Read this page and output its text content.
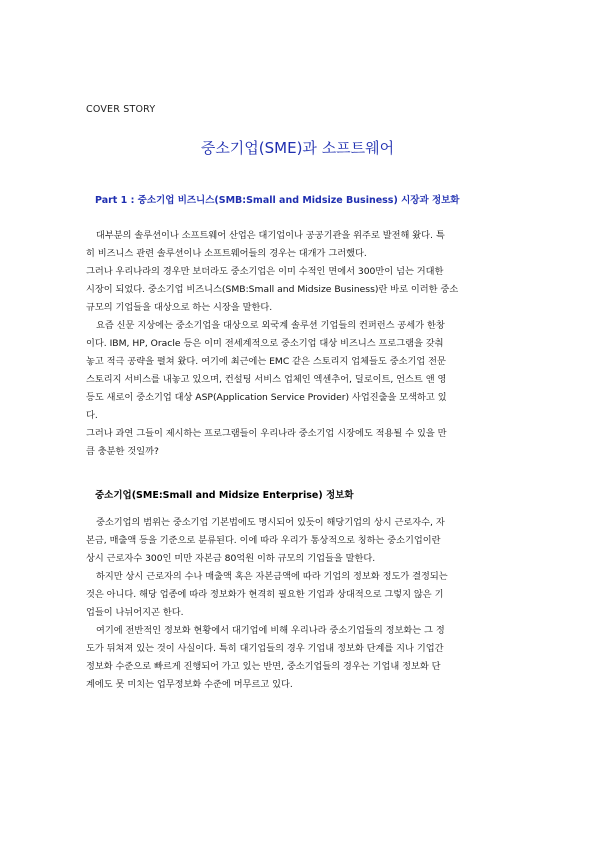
COVER STORY
중소기업(SME)과 소프트웨어
Part 1 : 중소기업 비즈니스(SMB:Small and Midsize Business) 시장과 정보화

대부분의 솔루션이나 소프트웨어 산업은 대기업이나 공공기관을 위주로 발전해 왔다. 특
히 비즈니스 관련 솔루션이나 소프트웨어들의 경우는 대개가 그러했다.
그러나 우리나라의 경우만 보더라도 중소기업은 이미 수적인 면에서 300만이 넘는 거대한
시장이 되었다. 중소기업 비즈니스(SMB:Small and Midsize Business)란 바로 이러한 중소
규모의 기업들을 대상으로 하는 시장을 말한다.
요즘 신문 지상에는 중소기업을 대상으로 외국계 솔루션 기업들의 컨퍼런스 공세가 한창
이다. IBM, HP, Oracle 등은 이미 전세계적으로 중소기업 대상 비즈니스 프로그램을 갖춰
놓고 적극 공략을 펼쳐 왔다. 여기에 최근에는 EMC 같은 스토리지 업체들도 중소기업 전문
스토리지 서비스를 내놓고 있으며, 컨설팅 서비스 업체인 엑센추어, 딜로이트, 언스트 앤 영
등도 새로이 중소기업 대상 ASP(Application Service Provider) 사업진출을 모색하고 있
다.
그러나 과연 그들이 제시하는 프로그램들이 우리나라 중소기업 시장에도 적용될 수 있을 만
큼 충분한 것일까?

중소기업(SME:Small and Midsize Enterprise) 정보화

중소기업의 범위는 중소기업 기본법에도 명시되어 있듯이 해당기업의 상시 근로자수, 자
본금, 매출액 등을 기준으로 분류된다. 이에 따라 우리가 통상적으로 칭하는 중소기업이란
상시 근로자수 300인 미만 자본금 80억원 이하 규모의 기업들을 말한다.
하지만 상시 근로자의 수나 매출액 혹은 자본금액에 따라 기업의 정보화 정도가 결정되는
것은 아니다. 해당 업종에 따라 정보화가 현격히 필요한 기업과 상대적으로 그렇지 않은 기
업들이 나뉘어지곤 한다.
여기에 전반적인 정보화 현황에서 대기업에 비해 우리나라 중소기업들의 정보화는 그 정
도가 뒤쳐져 있는 것이 사실이다. 특히 대기업들의 경우 기업내 정보화 단계를 지나 기업간
정보화 수준으로 빠르게 진행되어 가고 있는 반면, 중소기업들의 경우는 기업내 정보화 단
계에도 못 미치는 업무정보화 수준에 머무르고 있다.
